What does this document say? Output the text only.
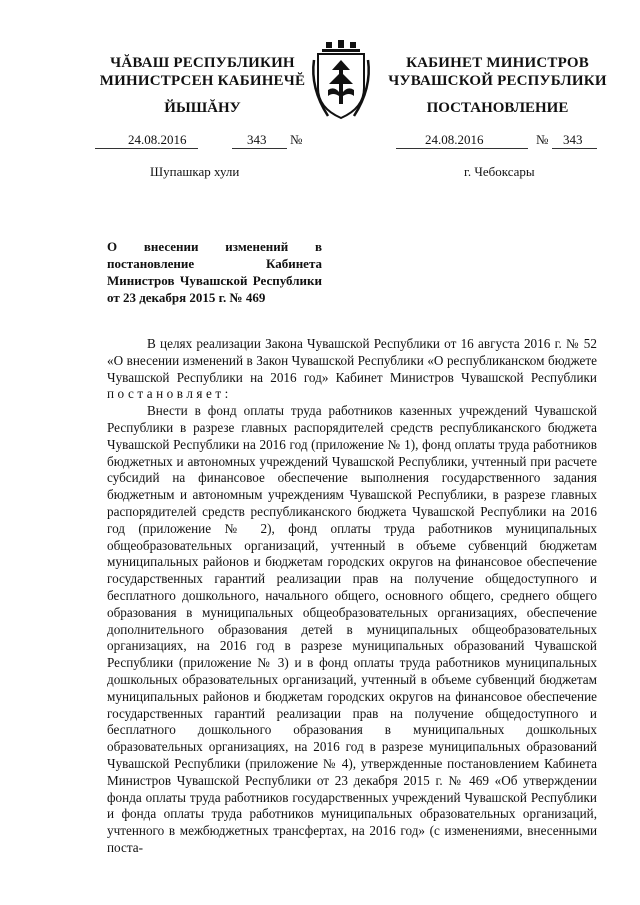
ЧĂВАШ РЕСПУБЛИКИН
МИНИСТРСЕН КАБИНЕЧĔ
ЙЫШĂНУ
КАБИНЕТ МИНИСТРОВ
ЧУВАШСКОЙ РЕСПУБЛИКИ
ПОСТАНОВЛЕНИЕ
24.08.2016	343 №	24.08.2016	№ 343
Шупашкар хули	г. Чебоксары
О внесении изменений в постановление Кабинета Министров Чувашской Республики от 23 декабря 2015 г. № 469

В целях реализации Закона Чувашской Республики от 16 августа 2016 г. № 52 «О внесении изменений в Закон Чувашской Республики «О республиканском бюджете Чувашской Республики на 2016 год» Кабинет Министров Чувашской Республики постановляет:

Внести в фонд оплаты труда работников казенных учреждений Чувашской Республики в разрезе главных распорядителей средств республиканского бюджета Чувашской Республики на 2016 год (приложение № 1), фонд оплаты труда работников бюджетных и автономных учреждений Чувашской Республики, учтенный при расчете субсидий на финансовое обеспечение выполнения государственного задания бюджетным и автономным учреждениям Чувашской Республики, в разрезе главных распорядителей средств республиканского бюджета Чувашской Республики на 2016 год (приложение № 2), фонд оплаты труда работников муниципальных общеобразовательных организаций, учтенный в объеме субвенций бюджетам муниципальных районов и бюджетам городских округов на финансовое обеспечение государственных гарантий реализации прав на получение общедоступного и бесплатного дошкольного, начального общего, основного общего, среднего общего образования в муниципальных общеобразовательных организациях, обеспечение дополнительного образования детей в муниципальных общеобразовательных организациях, на 2016 год в разрезе муниципальных образований Чувашской Республики (приложение № 3) и в фонд оплаты труда работников муниципальных дошкольных образовательных организаций, учтенный в объеме субвенций бюджетам муниципальных районов и бюджетам городских округов на финансовое обеспечение государственных гарантий реализации прав на получение общедоступного и бесплатного дошкольного образования в муниципальных дошкольных образовательных организациях, на 2016 год в разрезе муниципальных образований Чувашской Республики (приложение № 4), утвержденные постановлением Кабинета Министров Чувашской Республики от 23 декабря 2015 г. № 469 «Об утверждении фонда оплаты труда работников государственных учреждений Чувашской Республики и фонда оплаты труда работников муниципальных образовательных организаций, учтенного в межбюджетных трансфертах, на 2016 год» (с изменениями, внесенными поста-
